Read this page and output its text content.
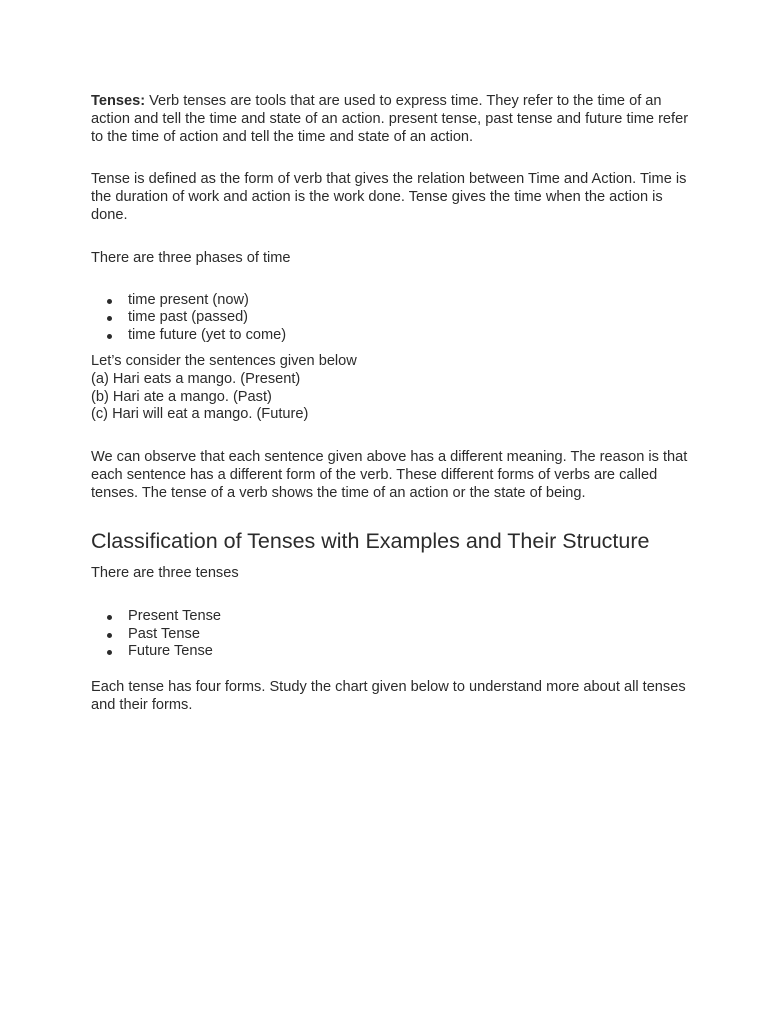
Tenses: Verb tenses are tools that are used to express time. They refer to the time of an action and tell the time and state of an action. present tense, past tense and future time refer to the time of action and tell the time and state of an action.

Tense is defined as the form of verb that gives the relation between Time and Action. Time is the duration of work and action is the work done. Tense gives the time when the action is done.

There are three phases of time

time present (now)
time past (passed)
time future (yet to come)

Let’s consider the sentences given below

(a) Hari eats a mango. (Present)

(b) Hari ate a mango. (Past)

(c) Hari will eat a mango. (Future)

We can observe that each sentence given above has a different meaning. The reason is that each sentence has a different form of the verb. These different forms of verbs are called tenses. The tense of a verb shows the time of an action or the state of being.

Classification of Tenses with Examples and Their Structure

There are three tenses

Present Tense
Past Tense
Future Tense

Each tense has four forms. Study the chart given below to understand more about all tenses and their forms.
